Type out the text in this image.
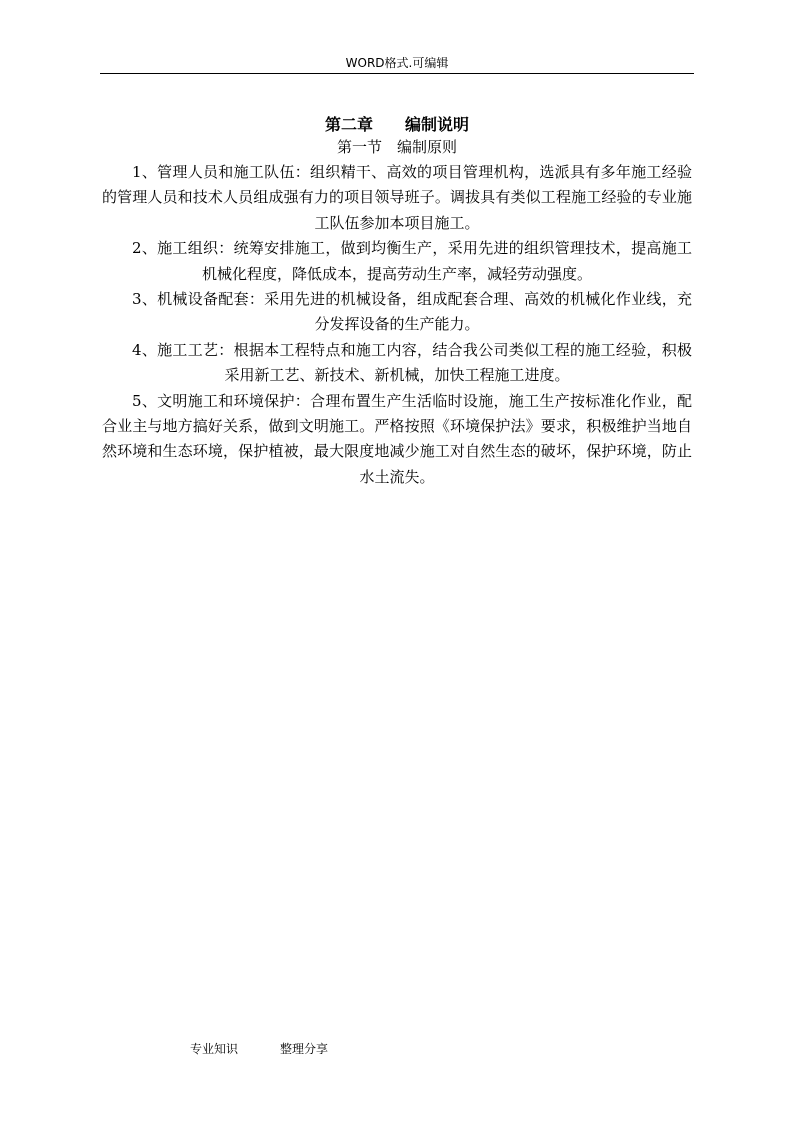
WORD格式.可编辑

第二章　　编制说明

第一节　编制原则

1、管理人员和施工队伍：组织精干、高效的项目管理机构，选派具有多年施工经验的管理人员和技术人员组成强有力的项目领导班子。调拔具有类似工程施工经验的专业施工队伍参加本项目施工。

2、施工组织：统筹安排施工，做到均衡生产，采用先进的组织管理技术，提高施工机械化程度，降低成本，提高劳动生产率，减轻劳动强度。

3、机械设备配套：采用先进的机械设备，组成配套合理、高效的机械化作业线，充分发挥设备的生产能力。

4、施工工艺：根据本工程特点和施工内容，结合我公司类似工程的施工经验，积极采用新工艺、新技术、新机械，加快工程施工进度。

5、文明施工和环境保护：合理布置生产生活临时设施，施工生产按标准化作业，配合业主与地方搞好关系，做到文明施工。严格按照《环境保护法》要求，积极维护当地自然环境和生态环境，保护植被，最大限度地减少施工对自然生态的破坏，保护环境，防止水土流失。

专业知识	整理分享
